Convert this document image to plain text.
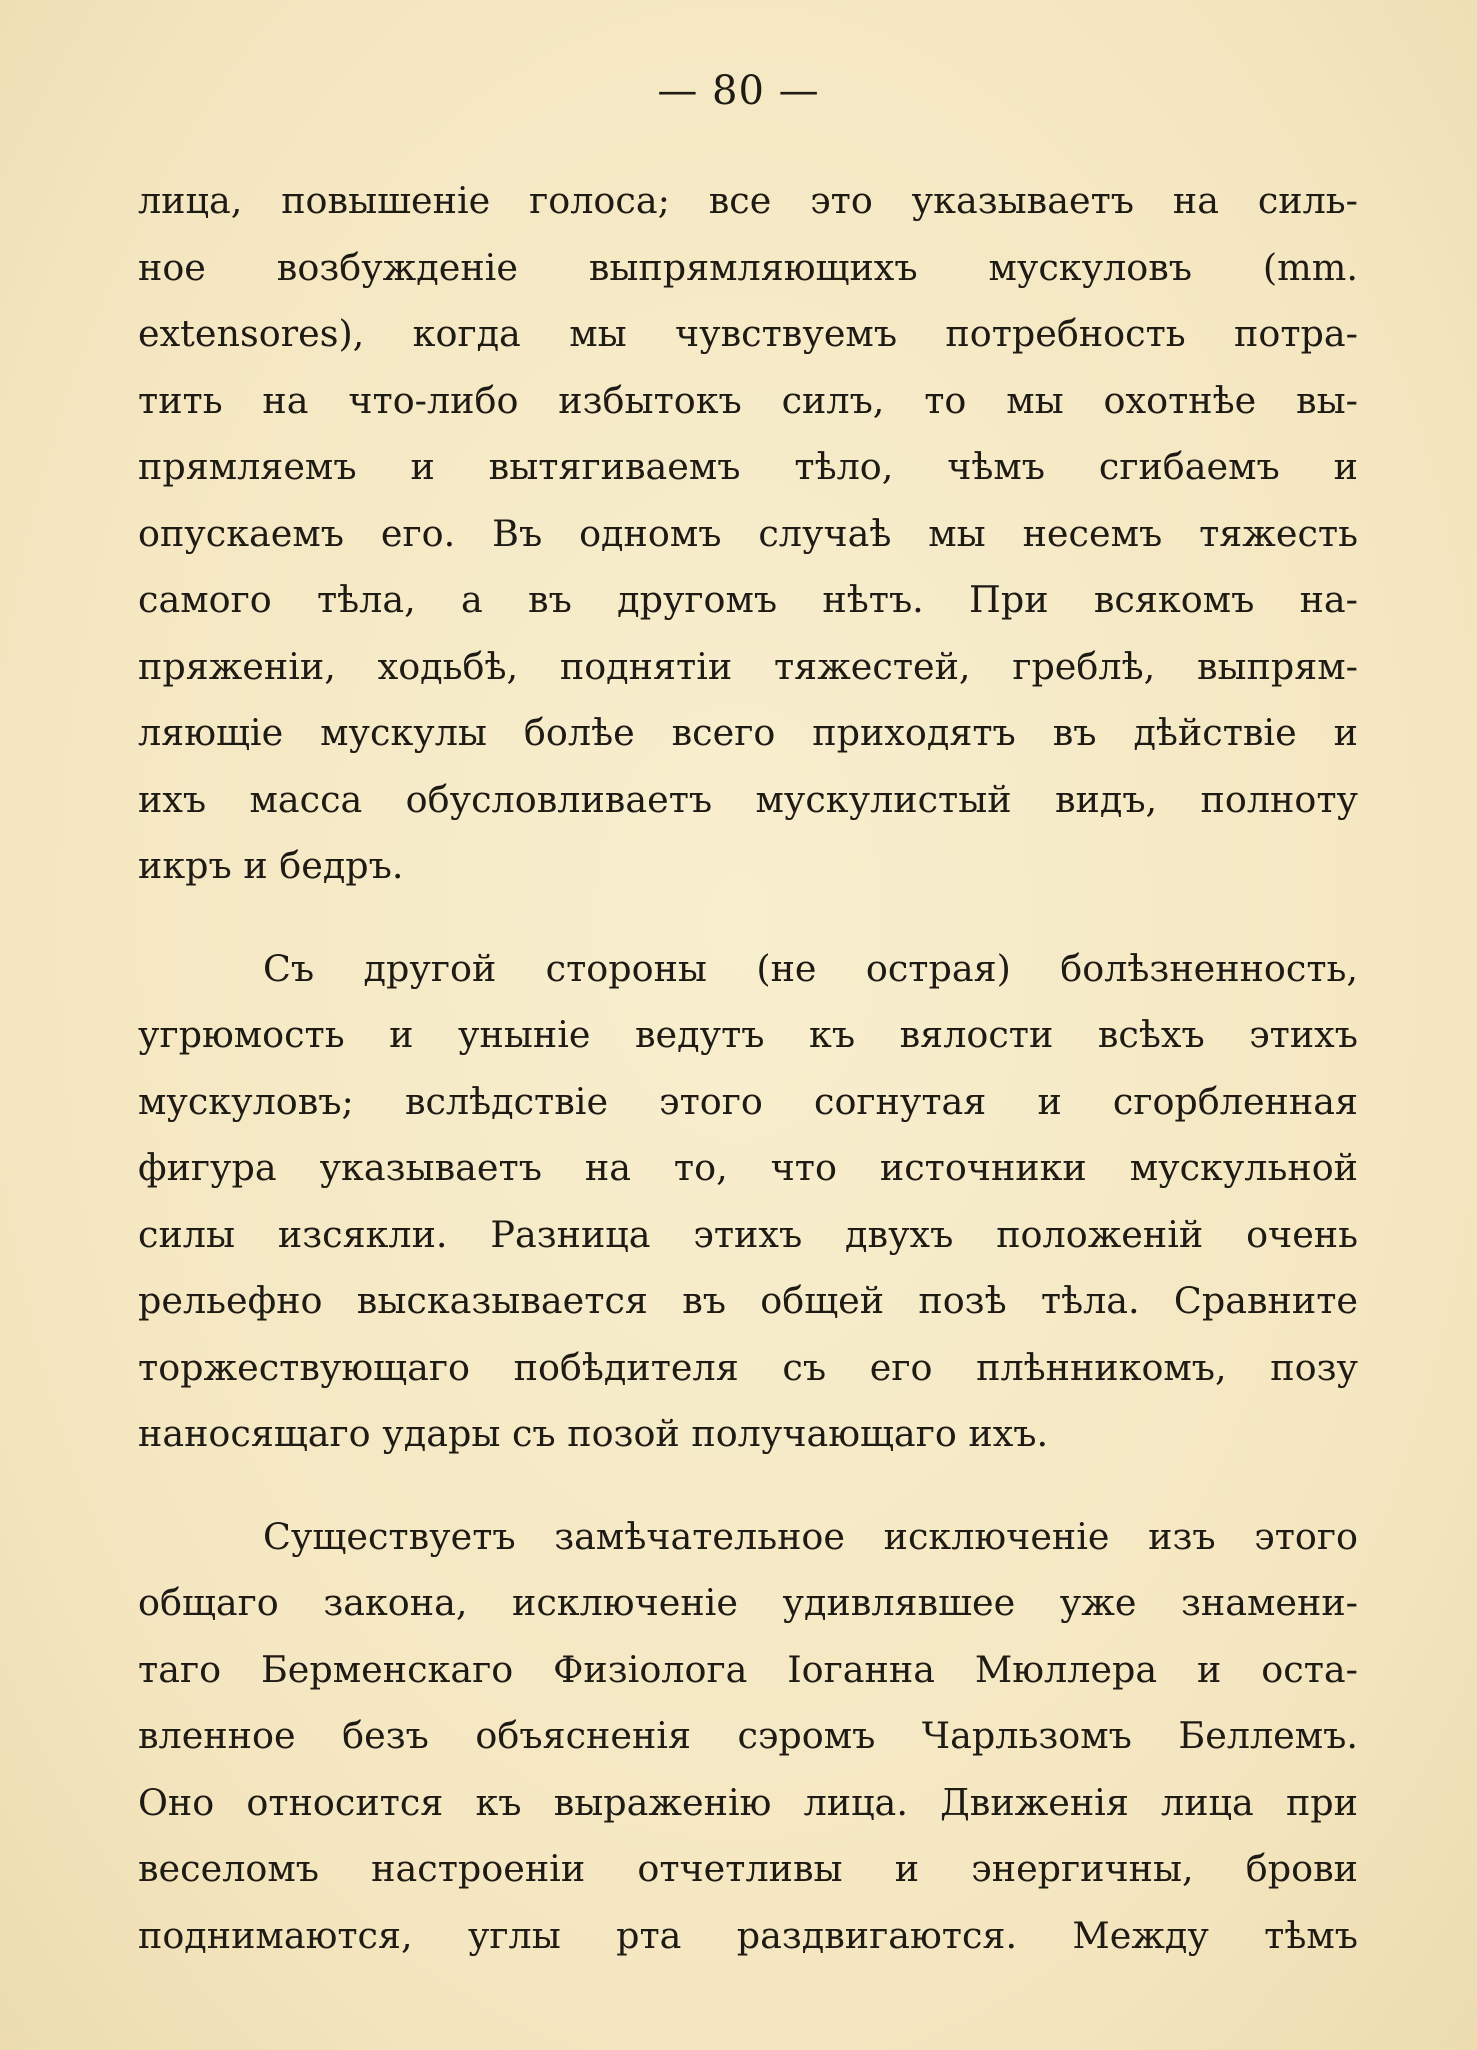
— 80 —
лица, повышеніе голоса; все это указываетъ на силь-
ное возбужденіе выпрямляющихъ мускуловъ (mm.
extensores), когда мы чувствуемъ потребность потра-
тить на что-либо избытокъ силъ, то мы охотнѣе вы-
прямляемъ и вытягиваемъ тѣло, чѣмъ сгибаемъ и
опускаемъ его. Въ одномъ случаѣ мы несемъ тяжесть
самого тѣла, а въ другомъ нѣтъ. При всякомъ на-
пряженіи, ходьбѣ, поднятіи тяжестей, греблѣ, выпрям-
ляющіе мускулы болѣе всего приходятъ въ дѣйствіе и
ихъ масса обусловливаетъ мускулистый видъ, полноту
икръ и бедръ.
Съ другой стороны (не острая) болѣзненность,
угрюмость и уныніе ведутъ къ вялости всѣхъ этихъ
мускуловъ; вслѣдствіе этого согнутая и сгорбленная
фигура указываетъ на то, что источники мускульной
силы изсякли. Разница этихъ двухъ положеній очень
рельефно высказывается въ общей позѣ тѣла. Сравните
торжествующаго побѣдителя съ его плѣнникомъ, позу
наносящаго удары съ позой получающаго ихъ.
Существуетъ замѣчательное исключеніе изъ этого
общаго закона, исключеніе удивлявшее уже знамени-
таго Берменскаго Физіолога Іоганна Мюллера и оста-
вленное безъ объясненія сэромъ Чарльзомъ Беллемъ.
Оно относится къ выраженію лица. Движенія лица при
веселомъ настроеніи отчетливы и энергичны, брови
поднимаются, углы рта раздвигаются. Между тѣмъ
